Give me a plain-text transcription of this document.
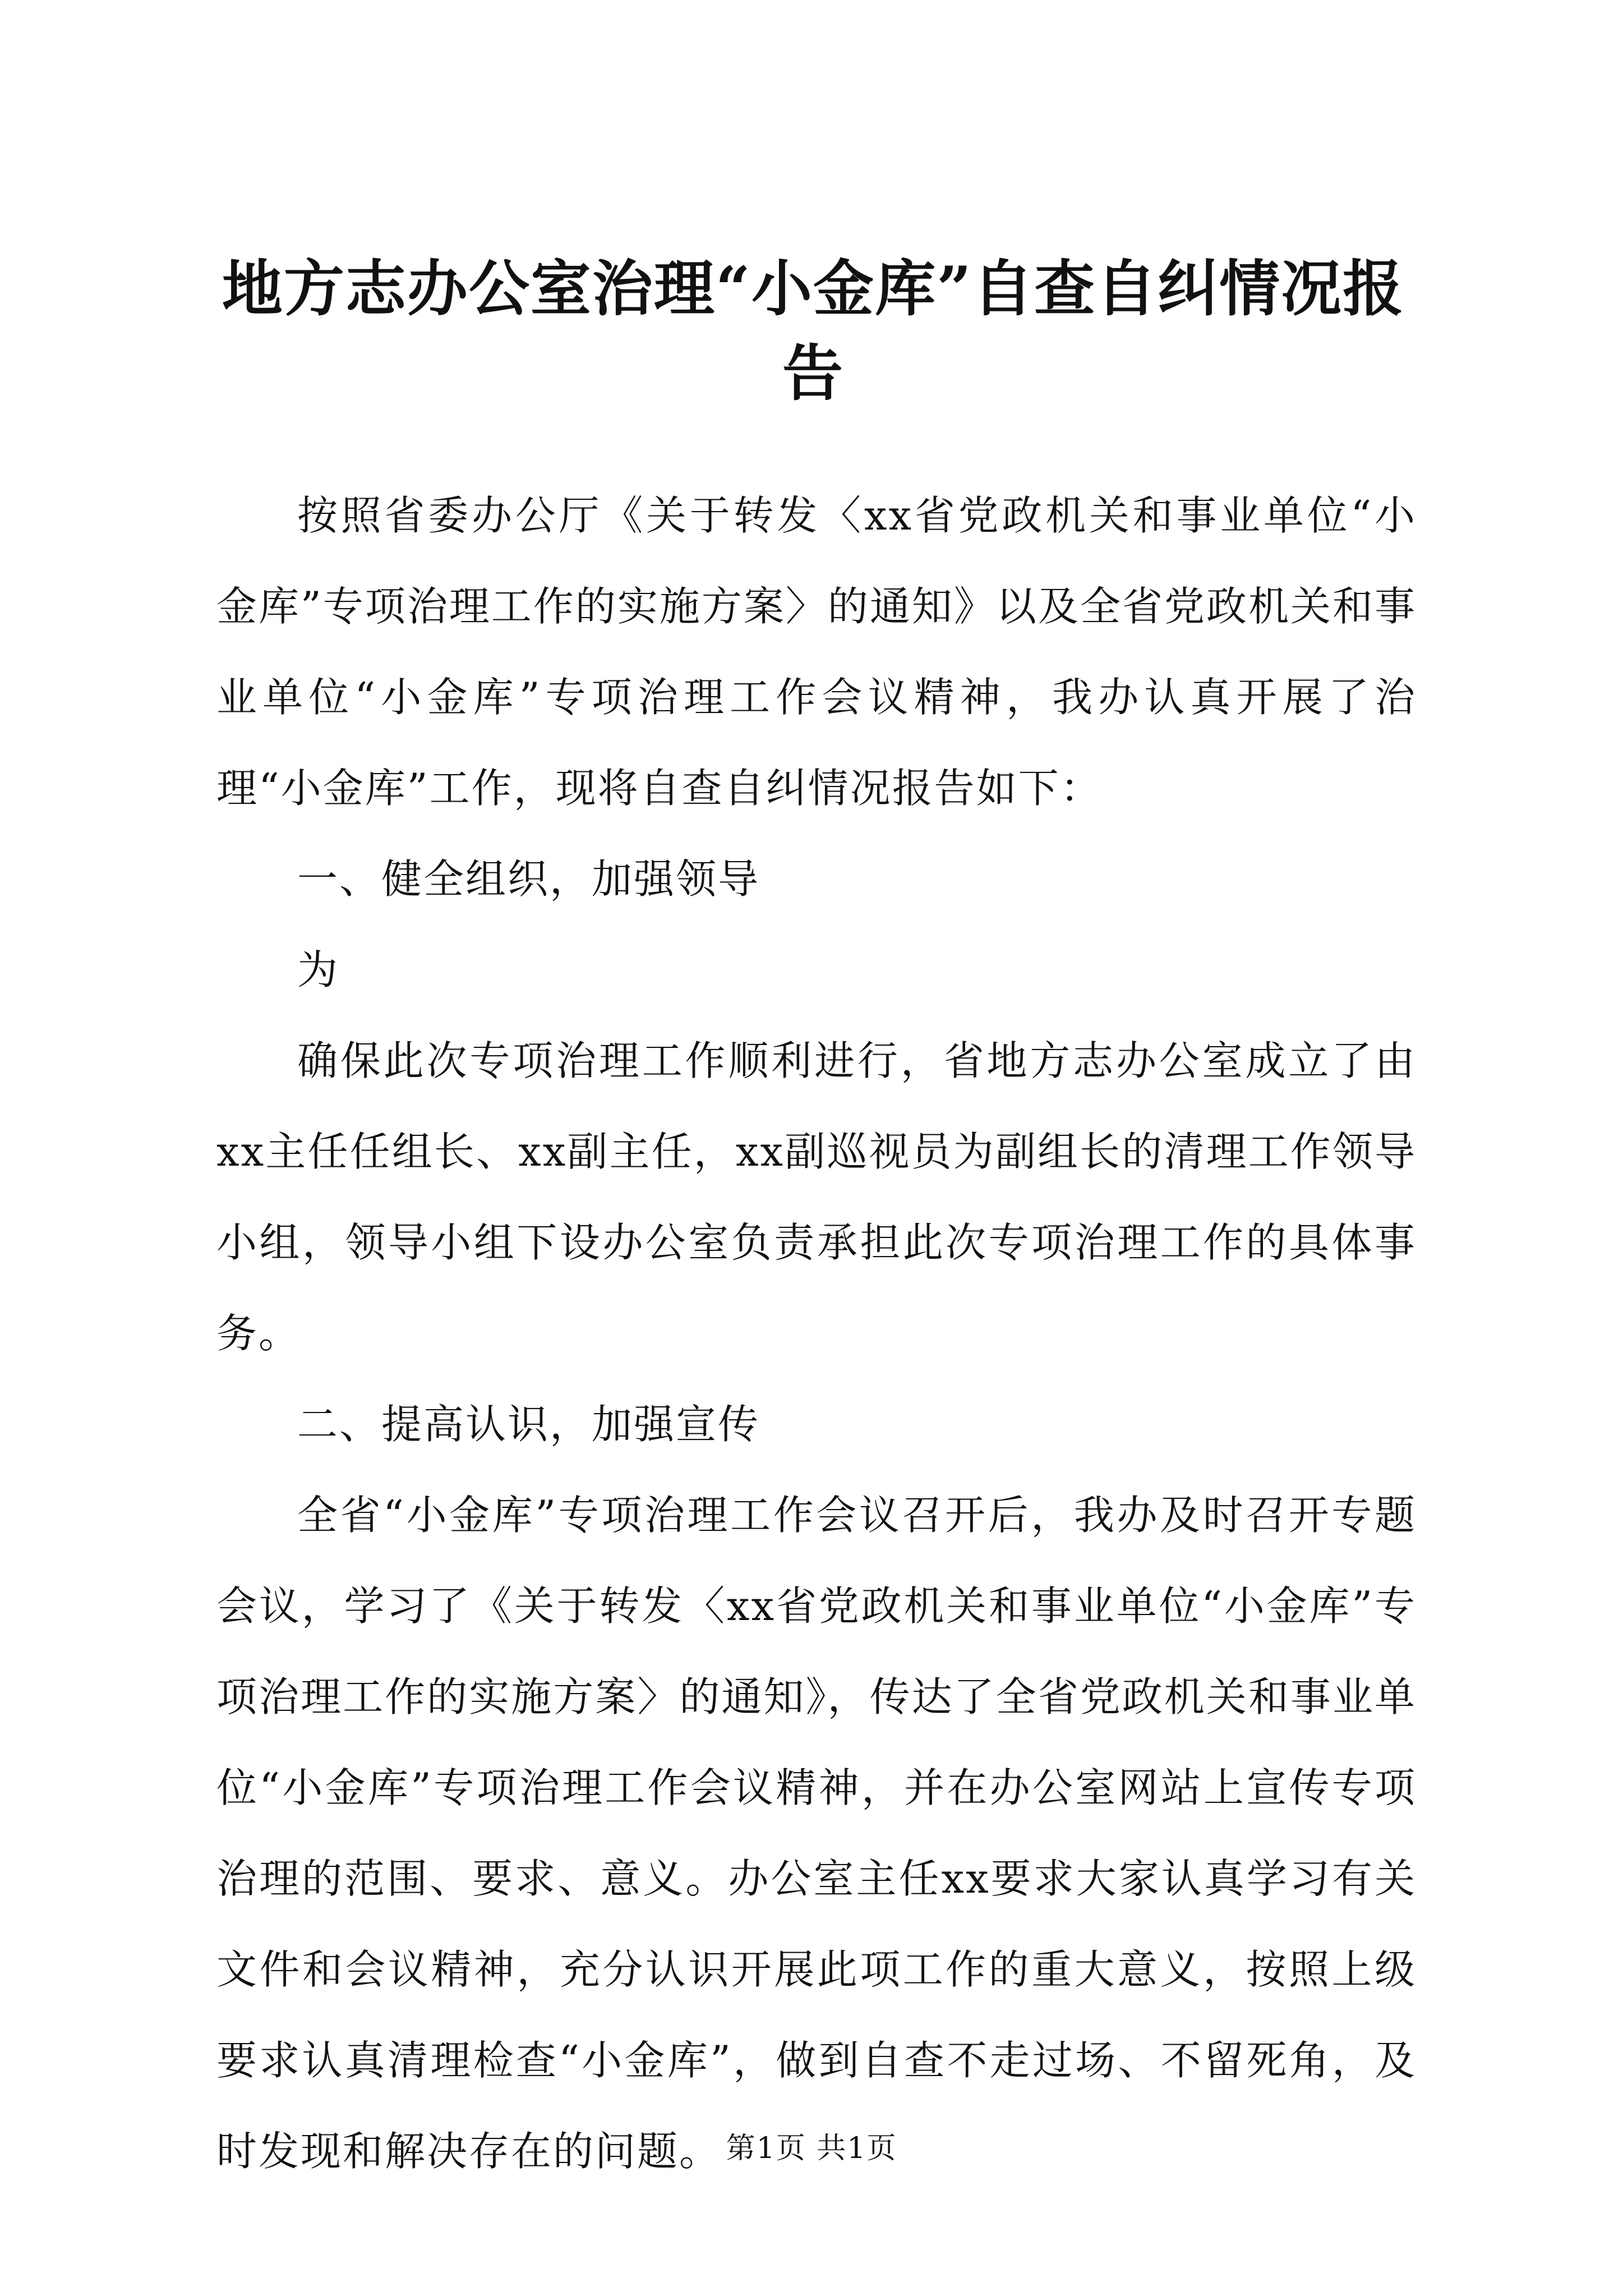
地方志办公室治理“小金库”自查自纠情况报告

按照省委办公厅《关于转发〈xx省党政机关和事业单位“小金库”专项治理工作的实施方案〉的通知》以及全省党政机关和事业单位“小金库”专项治理工作会议精神，我办认真开展了治理“小金库”工作，现将自查自纠情况报告如下：

一、健全组织，加强领导

为

确保此次专项治理工作顺利进行，省地方志办公室成立了由xx主任任组长、xx副主任，xx副巡视员为副组长的清理工作领导小组，领导小组下设办公室负责承担此次专项治理工作的具体事务。

二、提高认识，加强宣传

全省“小金库”专项治理工作会议召开后，我办及时召开专题会议，学习了《关于转发〈xx省党政机关和事业单位“小金库”专项治理工作的实施方案〉的通知》，传达了全省党政机关和事业单位“小金库”专项治理工作会议精神，并在办公室网站上宣传专项治理的范围、要求、意义。办公室主任xx要求大家认真学习有关文件和会议精神，充分认识开展此项工作的重大意义，按照上级要求认真清理检查“小金库”，做到自查不走过场、不留死角，及时发现和解决存在的问题。 第1页 共1页
